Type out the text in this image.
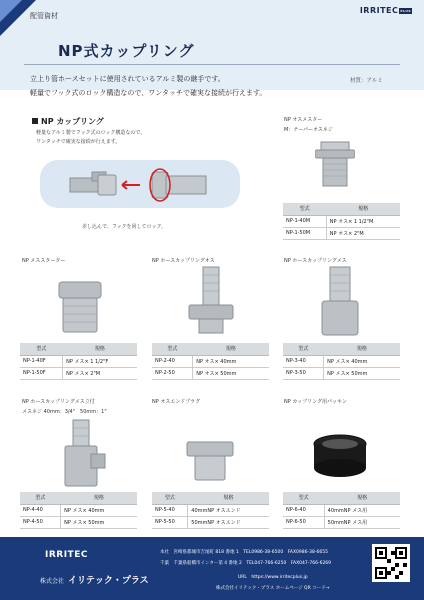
配管資材
NP式カップリング
IRRITEC PLUS
立上り管ホースセットに使用されているアルミ製の継手です。
軽量でフック式のロック構造なので、ワンタッチで確実な接続が行えます。
材質：アルミ
NP カップリング
軽量なアルミ製でフック式のロック構造なので、
ワンタッチで確実な接続が行えます。
差し込んで、フックを回してロック。
NP オスメスター
M：テーパーオスネジ
型式	規格
NP-1-40M	NP オス× 1 1/2"M
NP-1-50M	NP オス× 2"M
NP メススターター
型式	規格
NP-1-40F	NP メス× 1 1/2"F
NP-1-50F	NP メス× 2"M
NP ホースカップリングオス
型式	規格
NP-2-40	NP オス× 40mm
NP-2-50	NP オス× 50mm
NP ホースカップリングメス
型式	規格
NP-3-40	NP メス× 40mm
NP-3-50	NP メス× 50mm
NP ホースカップリングメス立付
メスネジ 40mm：3/4"　50mm：1"
型式	規格
NP-4-40	NP メス× 40mm
NP-4-50	NP メス× 50mm
NP オスエンドプラグ
型式	規格
NP-5-40	40mmNP オスエンド
NP-5-50	50mmNP オスエンド
NP カップリング用パッキン
型式	規格
NP-6-40	40mmNP メス用
NP-6-50	50mmNP メス用
IRRITEC
株式会社 イリテック・プラス
本社　宮崎県都城市吉尾町 818 番地 1　TEL0986-38-6500　FAX0986-38-6655
千葉　千葉県船橋市インター第 4 番地 2　TEL047-766-6250　FAX047-766-6269
URL　https://www.irritecplus.jp
株式会社イリテック・プラス ホームページ QR コード→
